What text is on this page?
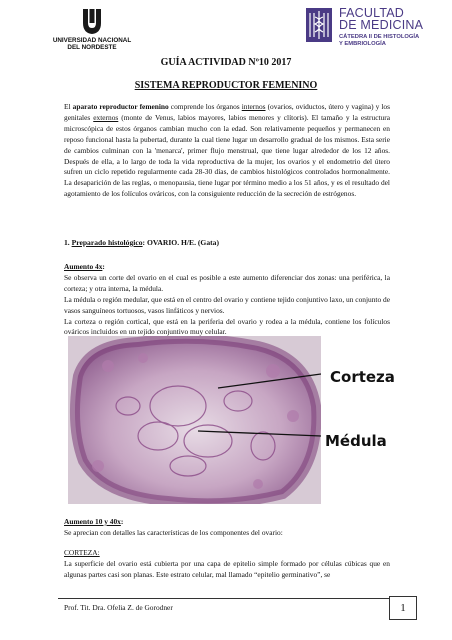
UNIVERSIDAD NACIONAL
DEL NORDESTE
FACULTAD
DE MEDICINA
CÁTEDRA II DE HISTOLOGÍA
Y EMBRIOLOGÍA
GUÍA ACTIVIDAD Nº10 2017
SISTEMA REPRODUCTOR FEMENINO
El aparato reproductor femenino comprende los órganos internos (ovarios, oviductos, útero y vagina) y los genitales externos (monte de Venus, labios mayores, labios menores y clítoris). El tamaño y la estructura microscópica de estos órganos cambian mucho con la edad. Son relativamente pequeños y permanecen en reposo funcional hasta la pubertad, durante la cual tiene lugar un desarrollo gradual de los mismos. Esta serie de cambios culminan con la 'menarca', primer flujo menstrual, que tiene lugar alrededor de los 12 años. Después de ella, a lo largo de toda la vida reproductiva de la mujer, los ovarios y el endometrio del útero sufren un ciclo repetido regularmente cada 28-30 días, de cambios histológicos controlados hormonalmente. La desaparición de las reglas, o menopausia, tiene lugar por término medio a los 51 años, y es el resultado del agotamiento de los folículos ováricos, con la consiguiente reducción de la secreción de estrógenos.
1. Preparado histológico: OVARIO. H/E. (Gata)
Aumento 4x:
Se observa un corte del ovario en el cual es posible a este aumento diferenciar dos zonas: una periférica, la corteza; y otra interna, la médula.
La médula o región medular, que está en el centro del ovario y contiene tejido conjuntivo laxo, un conjunto de vasos sanguíneos tortuosos, vasos linfáticos y nervios.
La corteza o región cortical, que está en la periferia del ovario y rodea a la médula, contiene los folículos ováricos incluidos en un tejido conjuntivo muy celular.
Corteza
Médula
Aumento 10 y 40x:
Se aprecian con detalles las características de los componentes del ovario:
CORTEZA:
La superficie del ovario está cubierta por una capa de epitelio simple formado por células cúbicas que en algunas partes casi son planas. Este estrato celular, mal llamado “epitelio germinativo”, se
Prof. Tit. Dra. Ofelia Z. de Gorodner	1
